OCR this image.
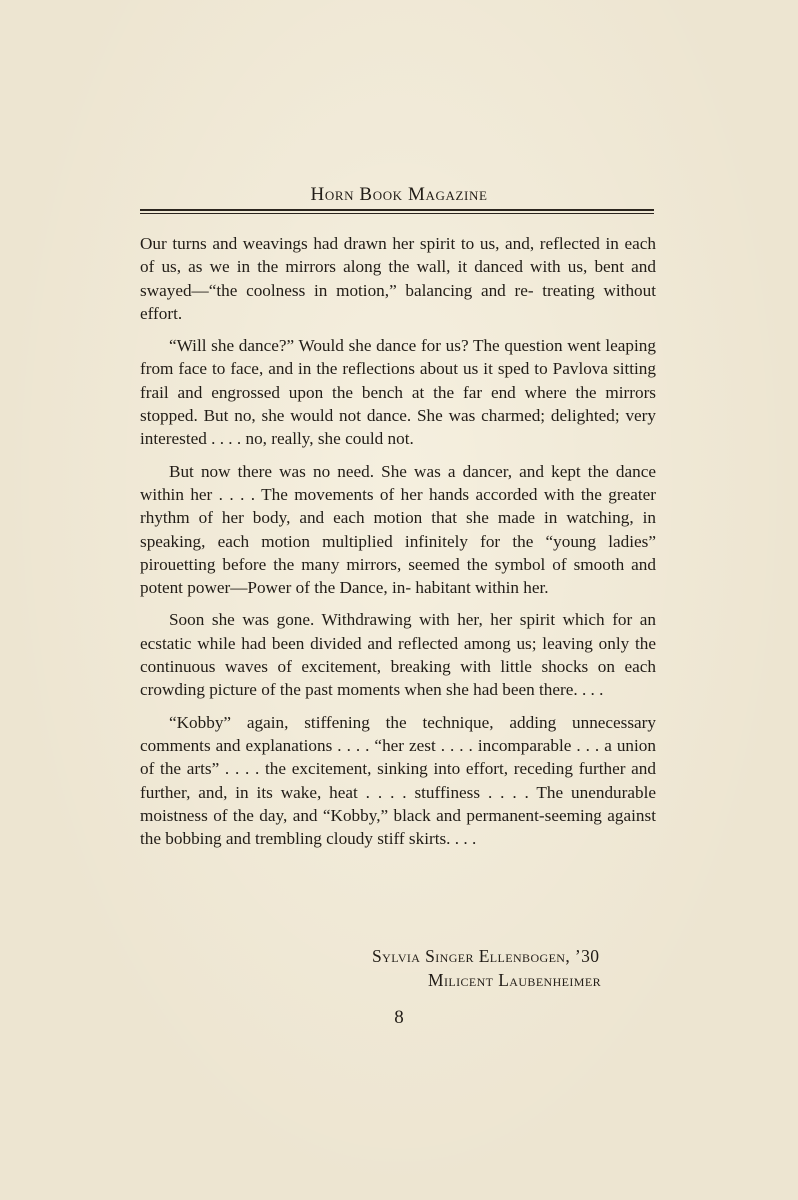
Horn Book Magazine

Our turns and weavings had drawn her spirit to us, and, reflected in each of us, as we in the mirrors along the wall, it danced with us, bent and swayed—“the coolness in motion,” balancing and re- treating without effort.

“Will she dance?” Would she dance for us? The question went leaping from face to face, and in the reflections about us it sped to Pavlova sitting frail and engrossed upon the bench at the far end where the mirrors stopped. But no, she would not dance. She was charmed; delighted; very interested . . . . no, really, she could not.

But now there was no need. She was a dancer, and kept the dance within her . . . . The movements of her hands accorded with the greater rhythm of her body, and each motion that she made in watching, in speaking, each motion multiplied infinitely for the “young ladies” pirouetting before the many mirrors, seemed the symbol of smooth and potent power—Power of the Dance, in- habitant within her.

Soon she was gone. Withdrawing with her, her spirit which for an ecstatic while had been divided and reflected among us; leaving only the continuous waves of excitement, breaking with little shocks on each crowding picture of the past moments when she had been there. . . .

“Kobby” again, stiffening the technique, adding unnecessary comments and explanations . . . . “her zest . . . . incomparable . . . a union of the arts” . . . . the excitement, sinking into effort, receding further and further, and, in its wake, heat . . . . stuffiness . . . . The unendurable moistness of the day, and “Kobby,” black and permanent-seeming against the bobbing and trembling cloudy stiff skirts. . . .

Sylvia Singer Ellenbogen, ’30
Milicent Laubenheimer
8
